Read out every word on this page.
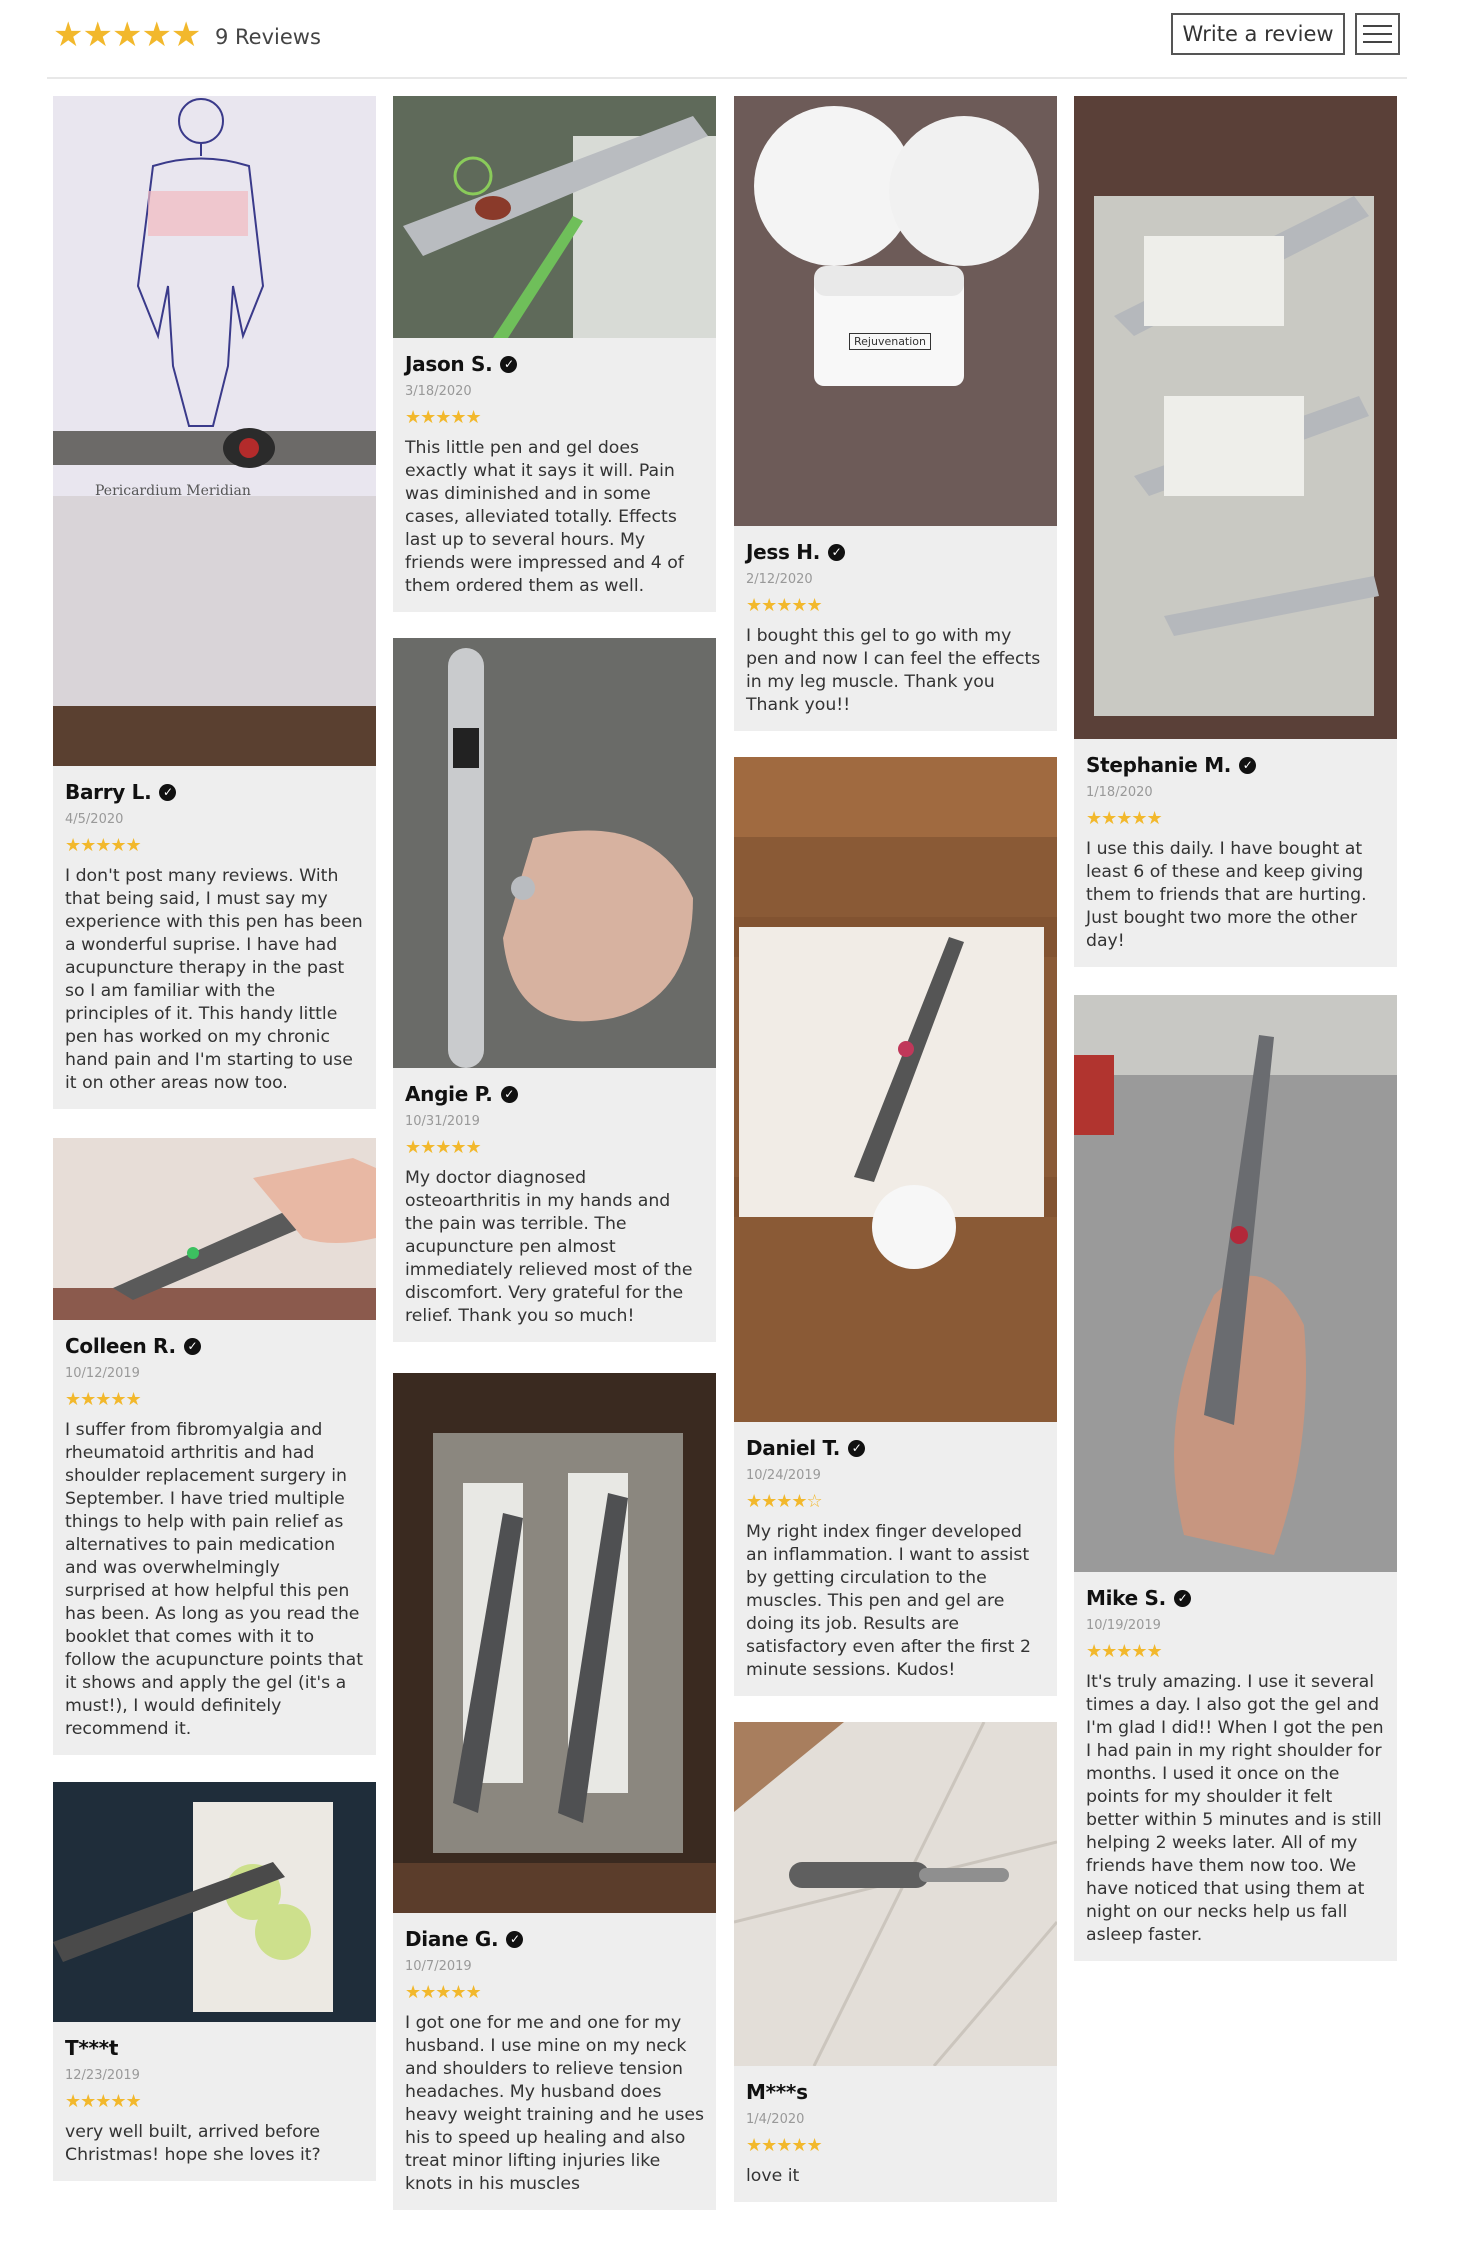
★★★★★ 9 Reviews	Write a review
Pericardium Meridian
Barry L. ✓
4/5/2020
★★★★★
I don't post many reviews. With that being said, I must say my experience with this pen has been a wonderful suprise. I have had acupuncture therapy in the past so I am familiar with the principles of it. This handy little pen has worked on my chronic hand pain and I'm starting to use it on other areas now too.
Colleen R. ✓
10/12/2019
★★★★★
I suffer from fibromyalgia and rheumatoid arthritis and had shoulder replacement surgery in September. I have tried multiple things to help with pain relief as alternatives to pain medication and was overwhelmingly surprised at how helpful this pen has been. As long as you read the booklet that comes with it to follow the acupuncture points that it shows and apply the gel (it's a must!), I would definitely recommend it.
T***t
12/23/2019
★★★★★
very well built, arrived before Christmas! hope she loves it?
Jason S. ✓
3/18/2020
★★★★★
This little pen and gel does exactly what it says it will. Pain was diminished and in some cases, alleviated totally. Effects last up to several hours. My friends were impressed and 4 of them ordered them as well.
Angie P. ✓
10/31/2019
★★★★★
My doctor diagnosed osteoarthritis in my hands and the pain was terrible. The acupuncture pen almost immediately relieved most of the discomfort. Very grateful for the relief. Thank you so much!
Diane G. ✓
10/7/2019
★★★★★
I got one for me and one for my husband. I use mine on my neck and shoulders to relieve tension headaches. My husband does heavy weight training and he uses his to speed up healing and also treat minor lifting injuries like knots in his muscles
Rejuvenation
Jess H. ✓
2/12/2020
★★★★★
I bought this gel to go with my pen and now I can feel the effects in my leg muscle. Thank you Thank you!!
Daniel T. ✓
10/24/2019
★★★★☆
My right index finger developed an inflammation. I want to assist by getting circulation to the muscles. This pen and gel are doing its job. Results are satisfactory even after the first 2 minute sessions. Kudos!
M***s
1/4/2020
★★★★★
love it
Stephanie M. ✓
1/18/2020
★★★★★
I use this daily. I have bought at least 6 of these and keep giving them to friends that are hurting. Just bought two more the other day!
Mike S. ✓
10/19/2019
★★★★★
It's truly amazing. I use it several times a day. I also got the gel and I'm glad I did!! When I got the pen I had pain in my right shoulder for months. I used it once on the points for my shoulder it felt better within 5 minutes and is still helping 2 weeks later. All of my friends have them now too. We have noticed that using them at night on our necks help us fall asleep faster.
